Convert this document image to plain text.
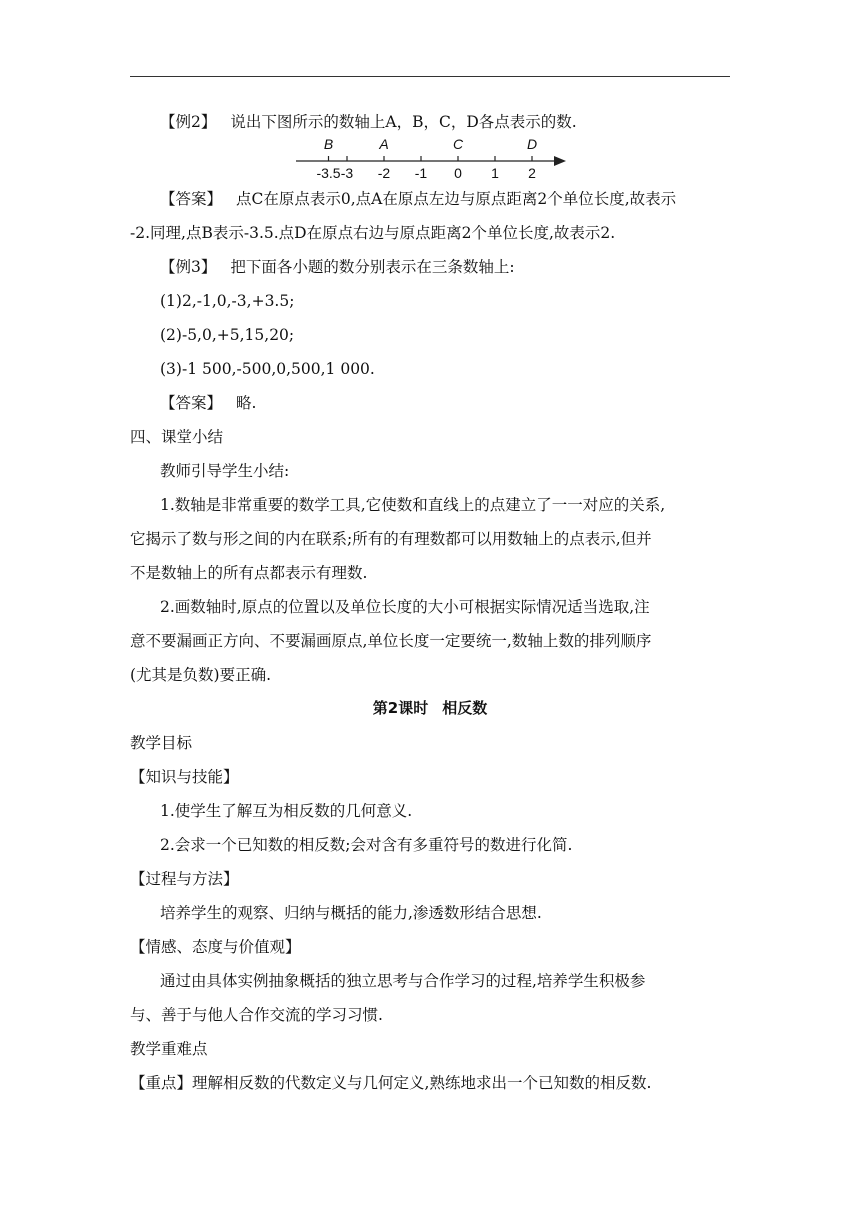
【例2】 说出下图所示的数轴上A，B，C，D各点表示的数.
-3.5 -3 -2 -1 0 1 2
B	A	C	D
【答案】 点C在原点表示0,点A在原点左边与原点距离2个单位长度,故表示
-2.同理,点B表示-3.5.点D在原点右边与原点距离2个单位长度,故表示2.
【例3】 把下面各小题的数分别表示在三条数轴上:
(1)2,-1,0,-3,+3.5;
(2)-5,0,+5,15,20;
(3)-1 500,-500,0,500,1 000.
【答案】 略.
四、课堂小结
教师引导学生小结:
1.数轴是非常重要的数学工具,它使数和直线上的点建立了一一对应的关系,
它揭示了数与形之间的内在联系;所有的有理数都可以用数轴上的点表示,但并
不是数轴上的所有点都表示有理数.
2.画数轴时,原点的位置以及单位长度的大小可根据实际情况适当选取,注
意不要漏画正方向、不要漏画原点,单位长度一定要统一,数轴上数的排列顺序
(尤其是负数)要正确.
第2课时 相反数
教学目标
【知识与技能】
1.使学生了解互为相反数的几何意义.
2.会求一个已知数的相反数;会对含有多重符号的数进行化简.
【过程与方法】
培养学生的观察、归纳与概括的能力,渗透数形结合思想.
【情感、态度与价值观】
通过由具体实例抽象概括的独立思考与合作学习的过程,培养学生积极参
与、善于与他人合作交流的学习习惯.
教学重难点
【重点】理解相反数的代数定义与几何定义,熟练地求出一个已知数的相反数.
